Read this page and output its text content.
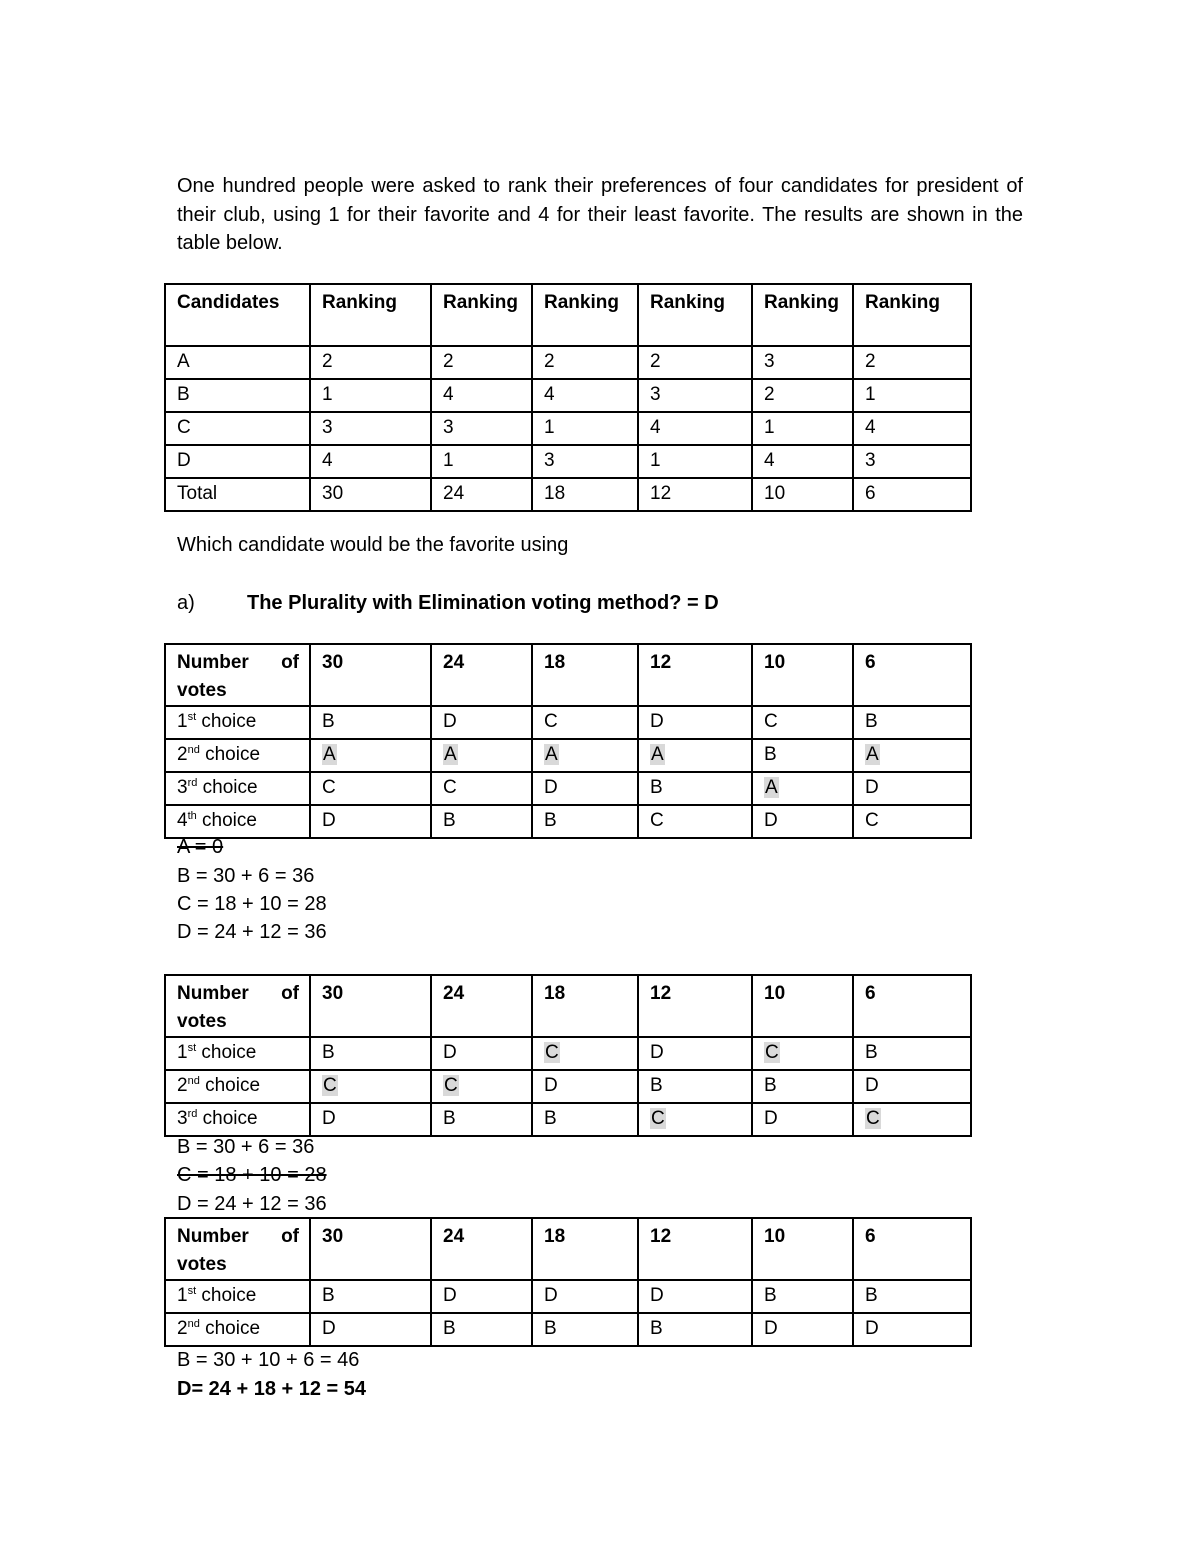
One hundred people were asked to rank their preferences of four candidates for president of their club, using 1 for their favorite and 4 for their least favorite. The results are shown in the table below.
Candidates	Ranking	Ranking	Ranking	Ranking	Ranking	Ranking
A	2	2	2	2	3	2
B	1	4	4	3	2	1
C	3	3	1	4	1	4
D	4	1	3	1	4	3
Total	30	24	18	12	10	6
Which candidate would be the favorite using
a)	The Plurality with Elimination voting method? = D
Number of
votes	30	24	18	12	10	6
1st choice	B	D	C	D	C	B
2nd choice	A	A	A	A	B	A
3rd choice	C	C	D	B	A	D
4th choice	D	B	B	C	D	C
A = 0
B = 30 + 6 = 36
C = 18 + 10 = 28
D = 24 + 12 = 36
Number of
votes	30	24	18	12	10	6
1st choice	B	D	C	D	C	B
2nd choice	C	C	D	B	B	D
3rd choice	D	B	B	C	D	C
B = 30 + 6 = 36
C = 18 + 10 = 28
D = 24 + 12 = 36
Number of
votes	30	24	18	12	10	6
1st choice	B	D	D	D	B	B
2nd choice	D	B	B	B	D	D
B = 30 + 10 + 6 = 46
D= 24 + 18 + 12 = 54
